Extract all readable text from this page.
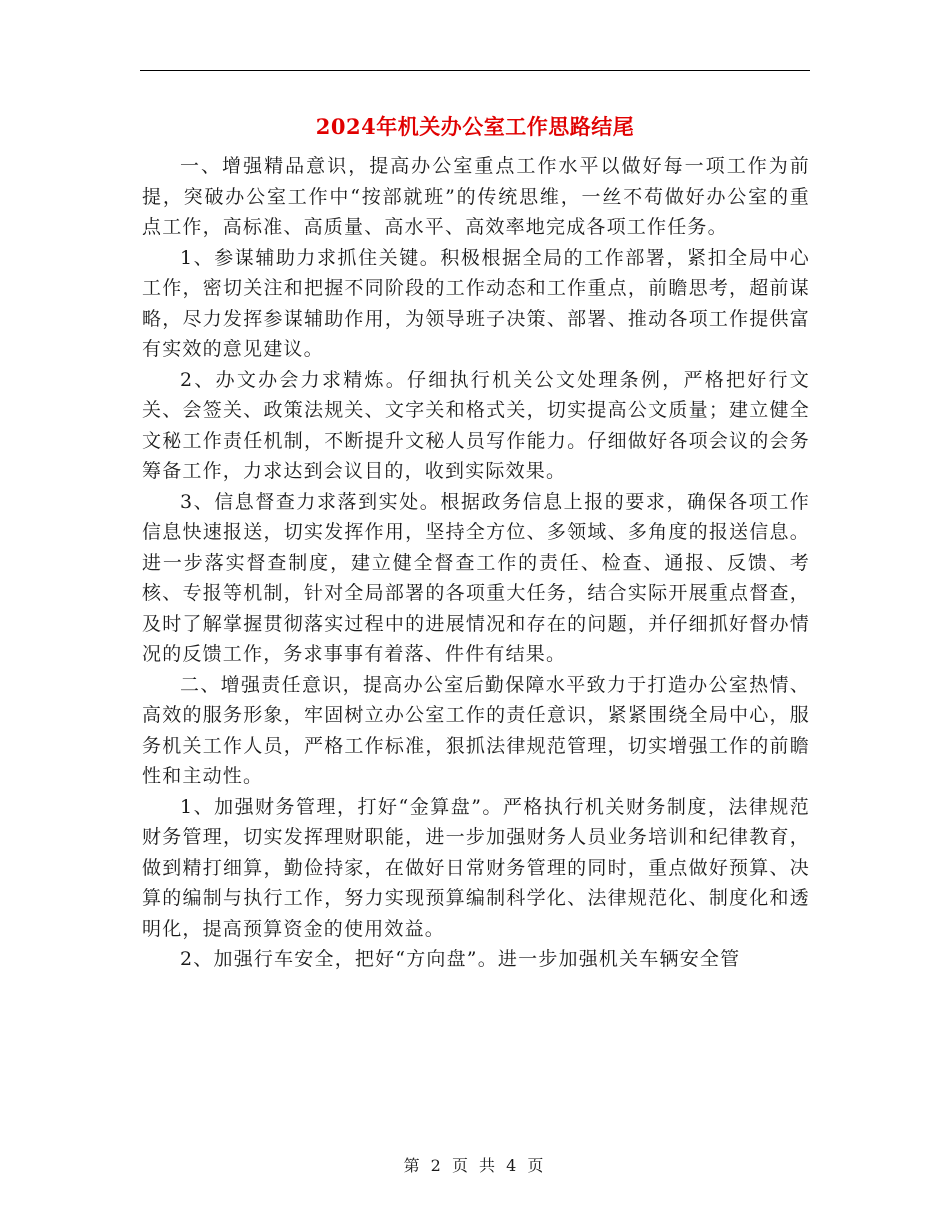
2024年机关办公室工作思路结尾

一、增强精品意识，提高办公室重点工作水平以做好每一项工作为前提，突破办公室工作中“按部就班”的传统思维，一丝不苟做好办公室的重点工作，高标准、高质量、高水平、高效率地完成各项工作任务。

1、参谋辅助力求抓住关键。积极根据全局的工作部署，紧扣全局中心工作，密切关注和把握不同阶段的工作动态和工作重点，前瞻思考，超前谋略，尽力发挥参谋辅助作用，为领导班子决策、部署、推动各项工作提供富有实效的意见建议。

2、办文办会力求精炼。仔细执行机关公文处理条例，严格把好行文关、会签关、政策法规关、文字关和格式关，切实提高公文质量；建立健全文秘工作责任机制，不断提升文秘人员写作能力。仔细做好各项会议的会务筹备工作，力求达到会议目的，收到实际效果。

3、信息督查力求落到实处。根据政务信息上报的要求，确保各项工作信息快速报送，切实发挥作用，坚持全方位、多领域、多角度的报送信息。进一步落实督查制度，建立健全督查工作的责任、检查、通报、反馈、考核、专报等机制，针对全局部署的各项重大任务，结合实际开展重点督查，及时了解掌握贯彻落实过程中的进展情况和存在的问题，并仔细抓好督办情况的反馈工作，务求事事有着落、件件有结果。

二、增强责任意识，提高办公室后勤保障水平致力于打造办公室热情、高效的服务形象，牢固树立办公室工作的责任意识，紧紧围绕全局中心，服务机关工作人员，严格工作标准，狠抓法律规范管理，切实增强工作的前瞻性和主动性。

1、加强财务管理，打好“金算盘”。严格执行机关财务制度，法律规范财务管理，切实发挥理财职能，进一步加强财务人员业务培训和纪律教育，做到精打细算，勤俭持家，在做好日常财务管理的同时，重点做好预算、决算的编制与执行工作，努力实现预算编制科学化、法律规范化、制度化和透明化，提高预算资金的使用效益。

2、加强行车安全，把好“方向盘”。进一步加强机关车辆安全管

第 2 页 共 4 页
